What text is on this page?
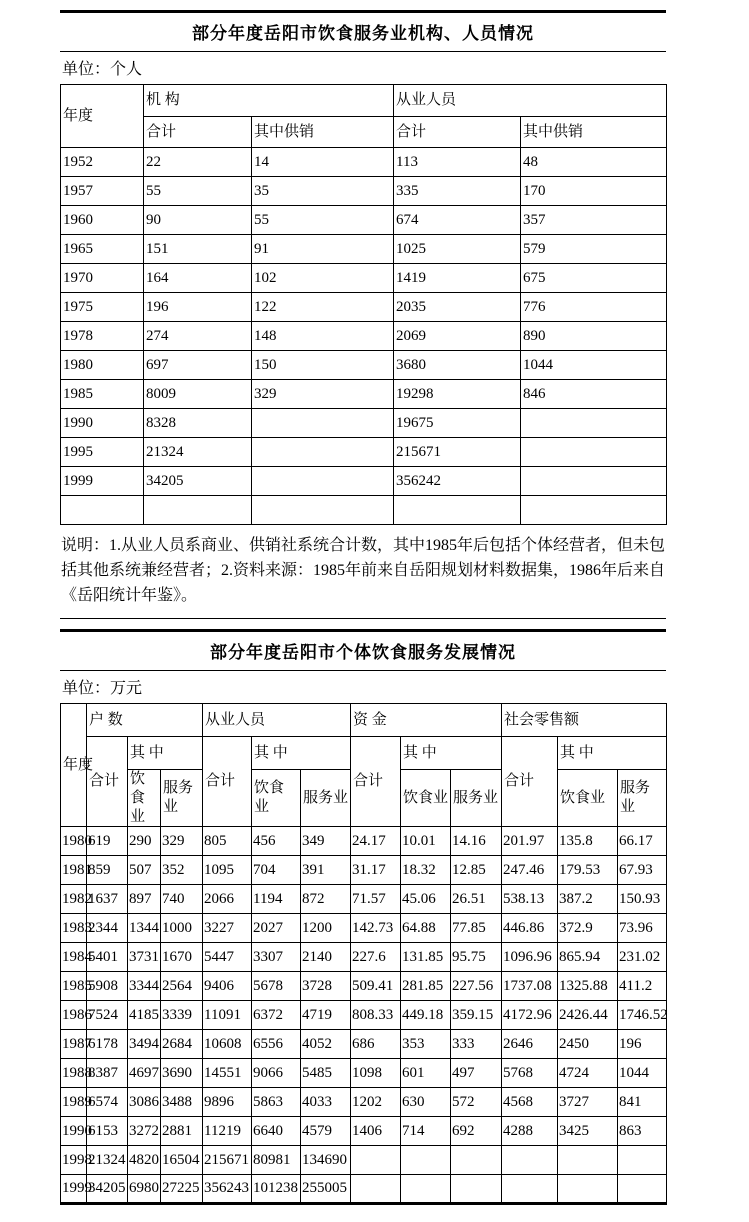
部分年度岳阳市饮食服务业机构、人员情况
单位：个人
年度	机 构		从业人员	
	合计	其中供销	合计	其中供销
1952	22	14	113	48
1957	55	35	335	170
1960	90	55	674	357
1965	151	91	1025	579
1970	164	102	1419	675
1975	196	122	2035	776
1978	274	148	2069	890
1980	697	150	3680	1044
1985	8009	329	19298	846
1990	8328		19675	
1995	21324		215671	
1999	34205		356242	

说明：1.从业人员系商业、供销社系统合计数，其中1985年后包括个体经营者，但未包括其他系统兼经营者；2.资料来源：1985年前来自岳阳规划材料数据集，1986年后来自《岳阳统计年鉴》。
部分年度岳阳市个体饮食服务发展情况
单位：万元
年度	户 数			从业人员			资 金			社会零售额		
	合计	其 中		合计	其 中		合计	其 中		合计	其 中	
		饮食业	服务业		饮食业	服务业		饮食业	服务业		饮食业	服务业
1980	619	290	329	805	456	349	24.17	10.01	14.16	201.97	135.8	66.17
1981	859	507	352	1095	704	391	31.17	18.32	12.85	247.46	179.53	67.93
1982	1637	897	740	2066	1194	872	71.57	45.06	26.51	538.13	387.2	150.93
1983	2344	1344	1000	3227	2027	1200	142.73	64.88	77.85	446.86	372.9	73.96
1984	5401	3731	1670	5447	3307	2140	227.6	131.85	95.75	1096.96	865.94	231.02
1985	5908	3344	2564	9406	5678	3728	509.41	281.85	227.56	1737.08	1325.88	411.2
1986	7524	4185	3339	11091	6372	4719	808.33	449.18	359.15	4172.96	2426.44	1746.52
1987	6178	3494	2684	10608	6556	4052	686	353	333	2646	2450	196
1988	8387	4697	3690	14551	9066	5485	1098	601	497	5768	4724	1044
1989	6574	3086	3488	9896	5863	4033	1202	630	572	4568	3727	841
1990	6153	3272	2881	11219	6640	4579	1406	714	692	4288	3425	863
1998	21324	4820	16504	215671	80981	134690						
1999	34205	6980	27225	356243	101238	255005						
